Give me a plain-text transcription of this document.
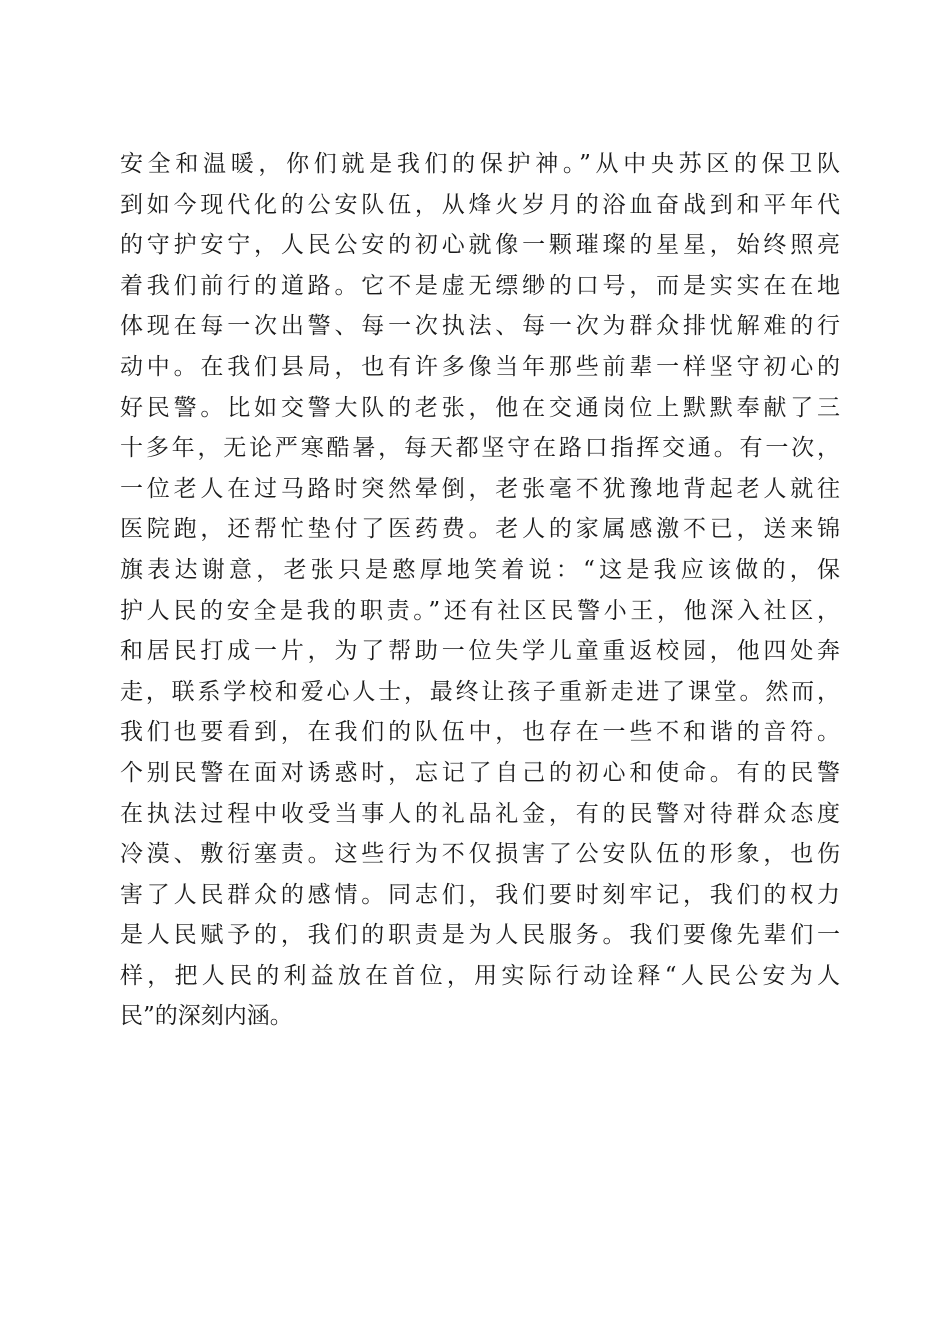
安全和温暖，你们就是我们的保护神。”从中央苏区的保卫队
到如今现代化的公安队伍，从烽火岁月的浴血奋战到和平年代
的守护安宁，人民公安的初心就像一颗璀璨的星星，始终照亮
着我们前行的道路。它不是虚无缥缈的口号，而是实实在在地
体现在每一次出警、每一次执法、每一次为群众排忧解难的行
动中。在我们县局，也有许多像当年那些前辈一样坚守初心的
好民警。比如交警大队的老张，他在交通岗位上默默奉献了三
十多年，无论严寒酷暑，每天都坚守在路口指挥交通。有一次，
一位老人在过马路时突然晕倒，老张毫不犹豫地背起老人就往
医院跑，还帮忙垫付了医药费。老人的家属感激不已，送来锦
旗表达谢意，老张只是憨厚地笑着说：“这是我应该做的，保
护人民的安全是我的职责。”还有社区民警小王，他深入社区，
和居民打成一片，为了帮助一位失学儿童重返校园，他四处奔
走，联系学校和爱心人士，最终让孩子重新走进了课堂。然而，
我们也要看到，在我们的队伍中，也存在一些不和谐的音符。
个别民警在面对诱惑时，忘记了自己的初心和使命。有的民警
在执法过程中收受当事人的礼品礼金，有的民警对待群众态度
冷漠、敷衍塞责。这些行为不仅损害了公安队伍的形象，也伤
害了人民群众的感情。同志们，我们要时刻牢记，我们的权力
是人民赋予的，我们的职责是为人民服务。我们要像先辈们一
样，把人民的利益放在首位，用实际行动诠释“人民公安为人
民”的深刻内涵。
